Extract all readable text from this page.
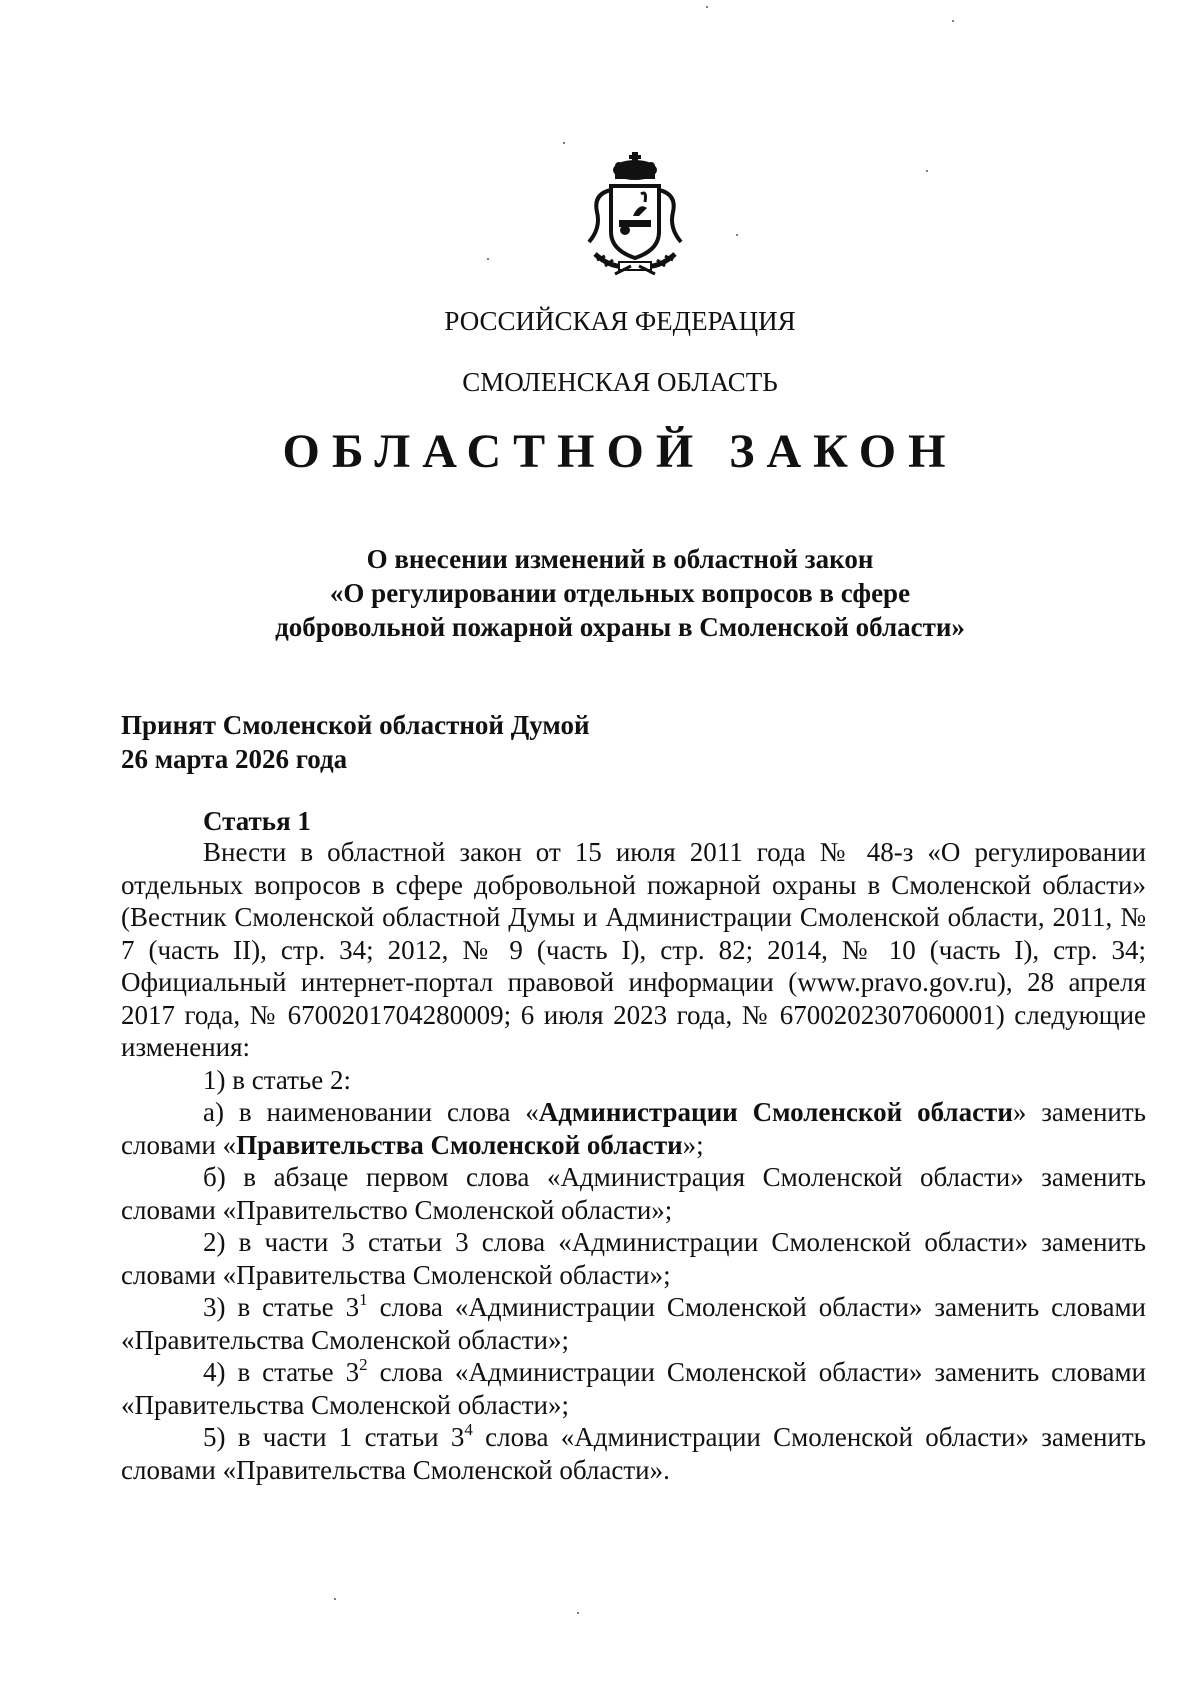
РОССИЙСКАЯ ФЕДЕРАЦИЯ
СМОЛЕНСКАЯ ОБЛАСТЬ
ОБЛАСТНОЙ ЗАКОН
О внесении изменений в областной закон
«О регулировании отдельных вопросов в сфере
добровольной пожарной охраны в Смоленской области»
Принят Смоленской областной Думой
26 марта 2026 года
Статья 1

Внести в областной закон от 15 июля 2011 года № 48-з «О регулировании отдельных вопросов в сфере добровольной пожарной охраны в Смоленской области» (Вестник Смоленской областной Думы и Администрации Смоленской области, 2011, № 7 (часть II), стр. 34; 2012, № 9 (часть I), стр. 82; 2014, № 10 (часть I), стр. 34; Официальный интернет-портал правовой информации (www.pravo.gov.ru), 28 апреля 2017 года, № 6700201704280009; 6 июля 2023 года, № 6700202307060001) следующие изменения:

1) в статье 2:

а) в наименовании слова «Администрации Смоленской области» заменить словами «Правительства Смоленской области»;

б) в абзаце первом слова «Администрация Смоленской области» заменить словами «Правительство Смоленской области»;

2) в части 3 статьи 3 слова «Администрации Смоленской области» заменить словами «Правительства Смоленской области»;

3) в статье $3^1$ слова «Администрации Смоленской области» заменить словами «Правительства Смоленской области»;

4) в статье $3^2$ слова «Администрации Смоленской области» заменить словами «Правительства Смоленской области»;

5) в части 1 статьи $3^4$ слова «Администрации Смоленской области» заменить словами «Правительства Смоленской области».
